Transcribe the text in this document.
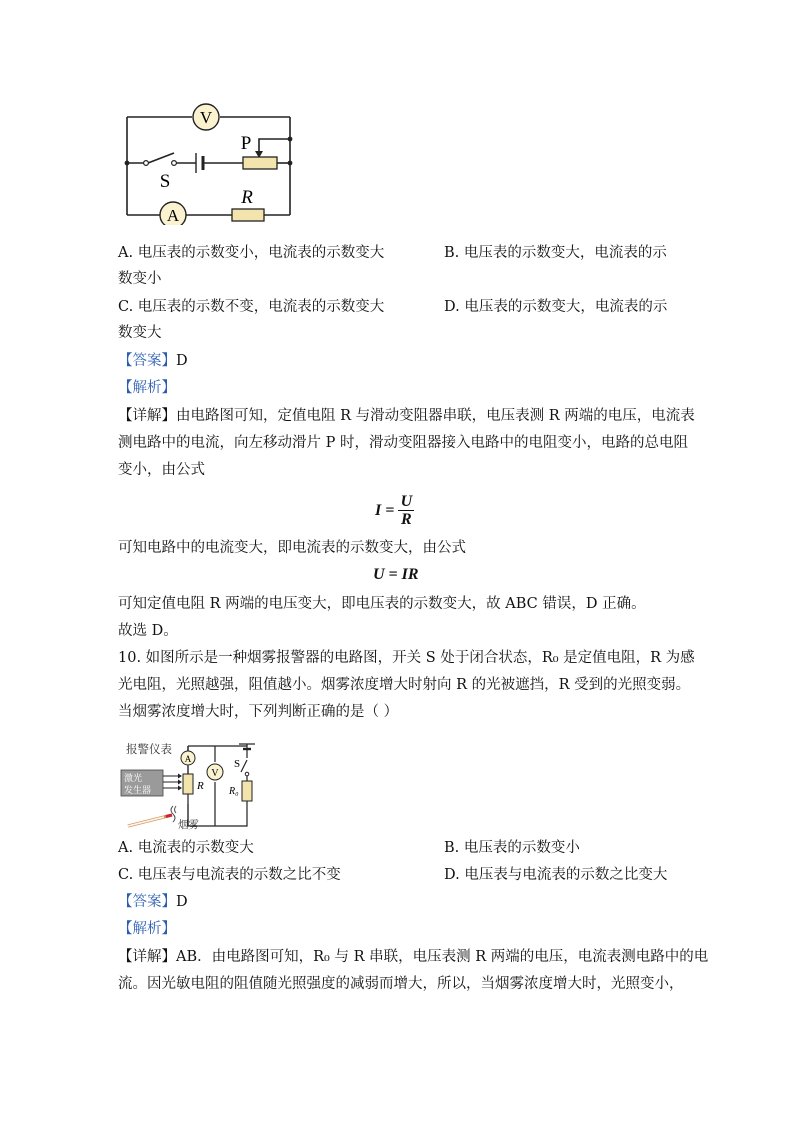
V
A
S
P
R
A. 电压表的示数变小，电流表的示数变大	B. 电压表的示数变大，电流表的示
数变小
C. 电压表的示数不变，电流表的示数变大	D. 电压表的示数变大，电流表的示
数变大
【答案】D
【解析】
【详解】由电路图可知，定值电阻 R 与滑动变阻器串联，电压表测 R 两端的电压，电流表
测电路中的电流，向左移动滑片 P 时，滑动变阻器接入电路中的电阻变小，电路的总电阻
变小，由公式
I =
U
R
可知电路中的电流变大，即电流表的示数变大，由公式
U = IR
可知定值电阻 R 两端的电压变大，即电压表的示数变大，故 ABC 错误，D 正确。
故选 D。
10. 如图所示是一种烟雾报警器的电路图，开关 S 处于闭合状态，R₀ 是定值电阻，R 为感
光电阻，光照越强，阻值越小。烟雾浓度增大时射向 R 的光被遮挡，R 受到的光照变弱。
当烟雾浓度增大时，下列判断正确的是（ ）
报警仪表
A
V
S
R	R₀
激光
发生器
烟雾
A. 电流表的示数变大	B. 电压表的示数变小
C. 电压表与电流表的示数之比不变	D. 电压表与电流表的示数之比变大
【答案】D
【解析】
【详解】AB．由电路图可知，R₀ 与 R 串联，电压表测 R 两端的电压，电流表测电路中的电
流。因光敏电阻的阻值随光照强度的减弱而增大，所以，当烟雾浓度增大时，光照变小，
